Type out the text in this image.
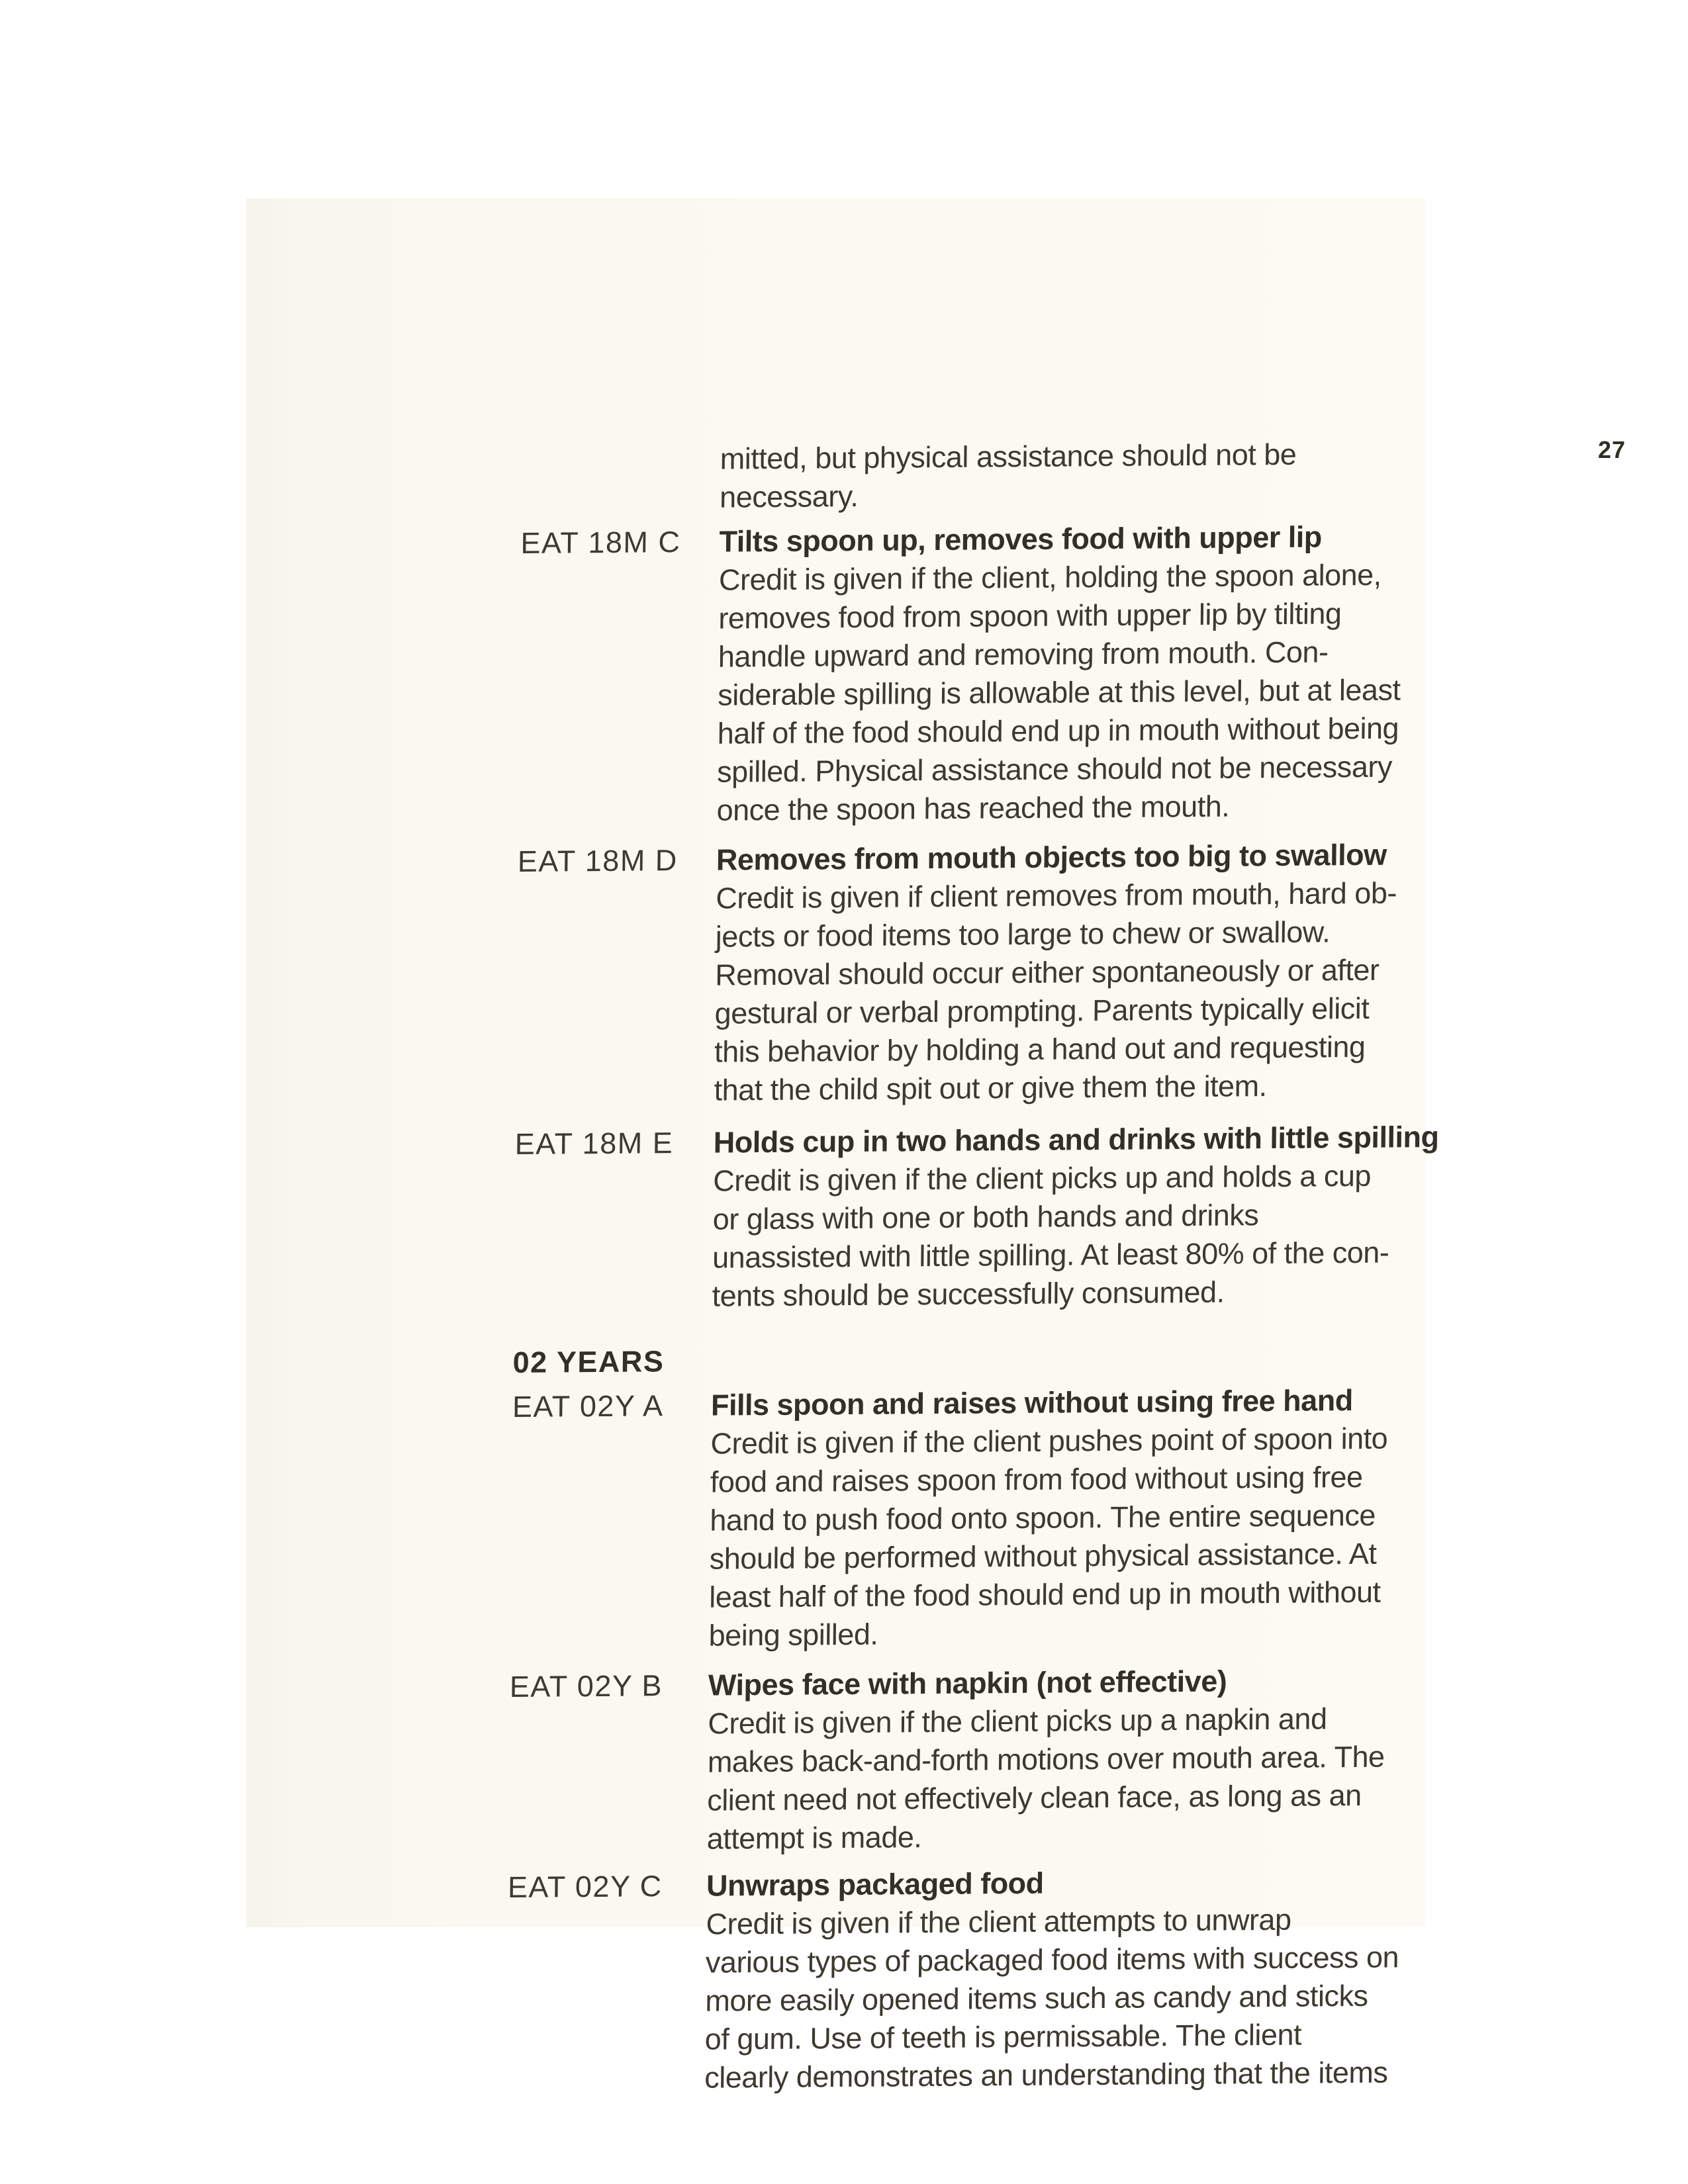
27
mitted, but physical assistance should not be
necessary.
EAT 18M C	Tilts spoon up, removes food with upper lip
Credit is given if the client, holding the spoon alone,
removes food from spoon with upper lip by tilting
handle upward and removing from mouth. Con-
siderable spilling is allowable at this level, but at least
half of the food should end up in mouth without being
spilled. Physical assistance should not be necessary
once the spoon has reached the mouth.
EAT 18M D	Removes from mouth objects too big to swallow
Credit is given if client removes from mouth, hard ob-
jects or food items too large to chew or swallow.
Removal should occur either spontaneously or after
gestural or verbal prompting. Parents typically elicit
this behavior by holding a hand out and requesting
that the child spit out or give them the item.
EAT 18M E	Holds cup in two hands and drinks with little spilling
Credit is given if the client picks up and holds a cup
or glass with one or both hands and drinks
unassisted with little spilling. At least 80% of the con-
tents should be successfully consumed.
02 YEARS
EAT 02Y A	Fills spoon and raises without using free hand
Credit is given if the client pushes point of spoon into
food and raises spoon from food without using free
hand to push food onto spoon. The entire sequence
should be performed without physical assistance. At
least half of the food should end up in mouth without
being spilled.
EAT 02Y B	Wipes face with napkin (not effective)
Credit is given if the client picks up a napkin and
makes back-and-forth motions over mouth area. The
client need not effectively clean face, as long as an
attempt is made.
EAT 02Y C	Unwraps packaged food
Credit is given if the client attempts to unwrap
various types of packaged food items with success on
more easily opened items such as candy and sticks
of gum. Use of teeth is permissable. The client
clearly demonstrates an understanding that the items
